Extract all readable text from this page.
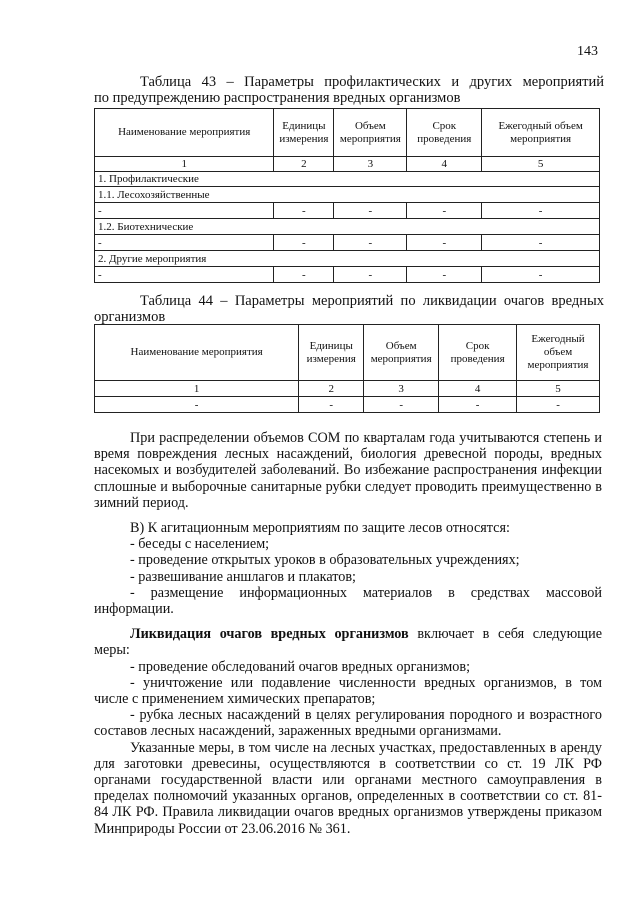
143
Таблица 43 – Параметры профилактических и других мероприятий
по предупреждению распространения вредных организмов
Наименование мероприятия	Единицы измерения	Объем мероприятия	Срок проведения	Ежегодный объем мероприятия
1	2	3	4	5
1. Профилактические				
1.1. Лесохозяйственные				
-	-	-	-	-
1.2. Биотехнические				
-	-	-	-	-
2. Другие мероприятия				
-	-	-	-	-
Таблица 44 – Параметры мероприятий по ликвидации очагов вредных
организмов
Наименование мероприятия	Единицы измерения	Объем мероприятия	Срок проведения	Ежегодный объем мероприятия
1	2	3	4	5
-	-	-	-	-

При распределении объемов СОМ по кварталам года учитываются степень и время повреждения лесных насаждений, биология древесной породы, вредных насекомых и возбудителей заболеваний. Во избежание распространения инфекции сплошные и выборочные санитарные рубки следует проводить преимущественно в зимний период.

В) К агитационным мероприятиям по защите лесов относятся:

- беседы с населением;

- проведение открытых уроков в образовательных учреждениях;

- развешивание аншлагов и плакатов;

- размещение информационных материалов в средствах массовой информации.

Ликвидация очагов вредных организмов включает в себя следующие меры:

- проведение обследований очагов вредных организмов;

- уничтожение или подавление численности вредных организмов, в том числе с применением химических препаратов;

- рубка лесных насаждений в целях регулирования породного и возрастного составов лесных насаждений, зараженных вредными организмами.

Указанные меры, в том числе на лесных участках, предоставленных в аренду для заготовки древесины, осуществляются в соответствии со ст. 19 ЛК РФ органами государственной власти или органами местного самоуправления в пределах полномочий указанных органов, определенных в соответствии со ст. 81-84 ЛК РФ. Правила ликвидации очагов вредных организмов утверждены приказом Минприроды России от 23.06.2016 № 361.
